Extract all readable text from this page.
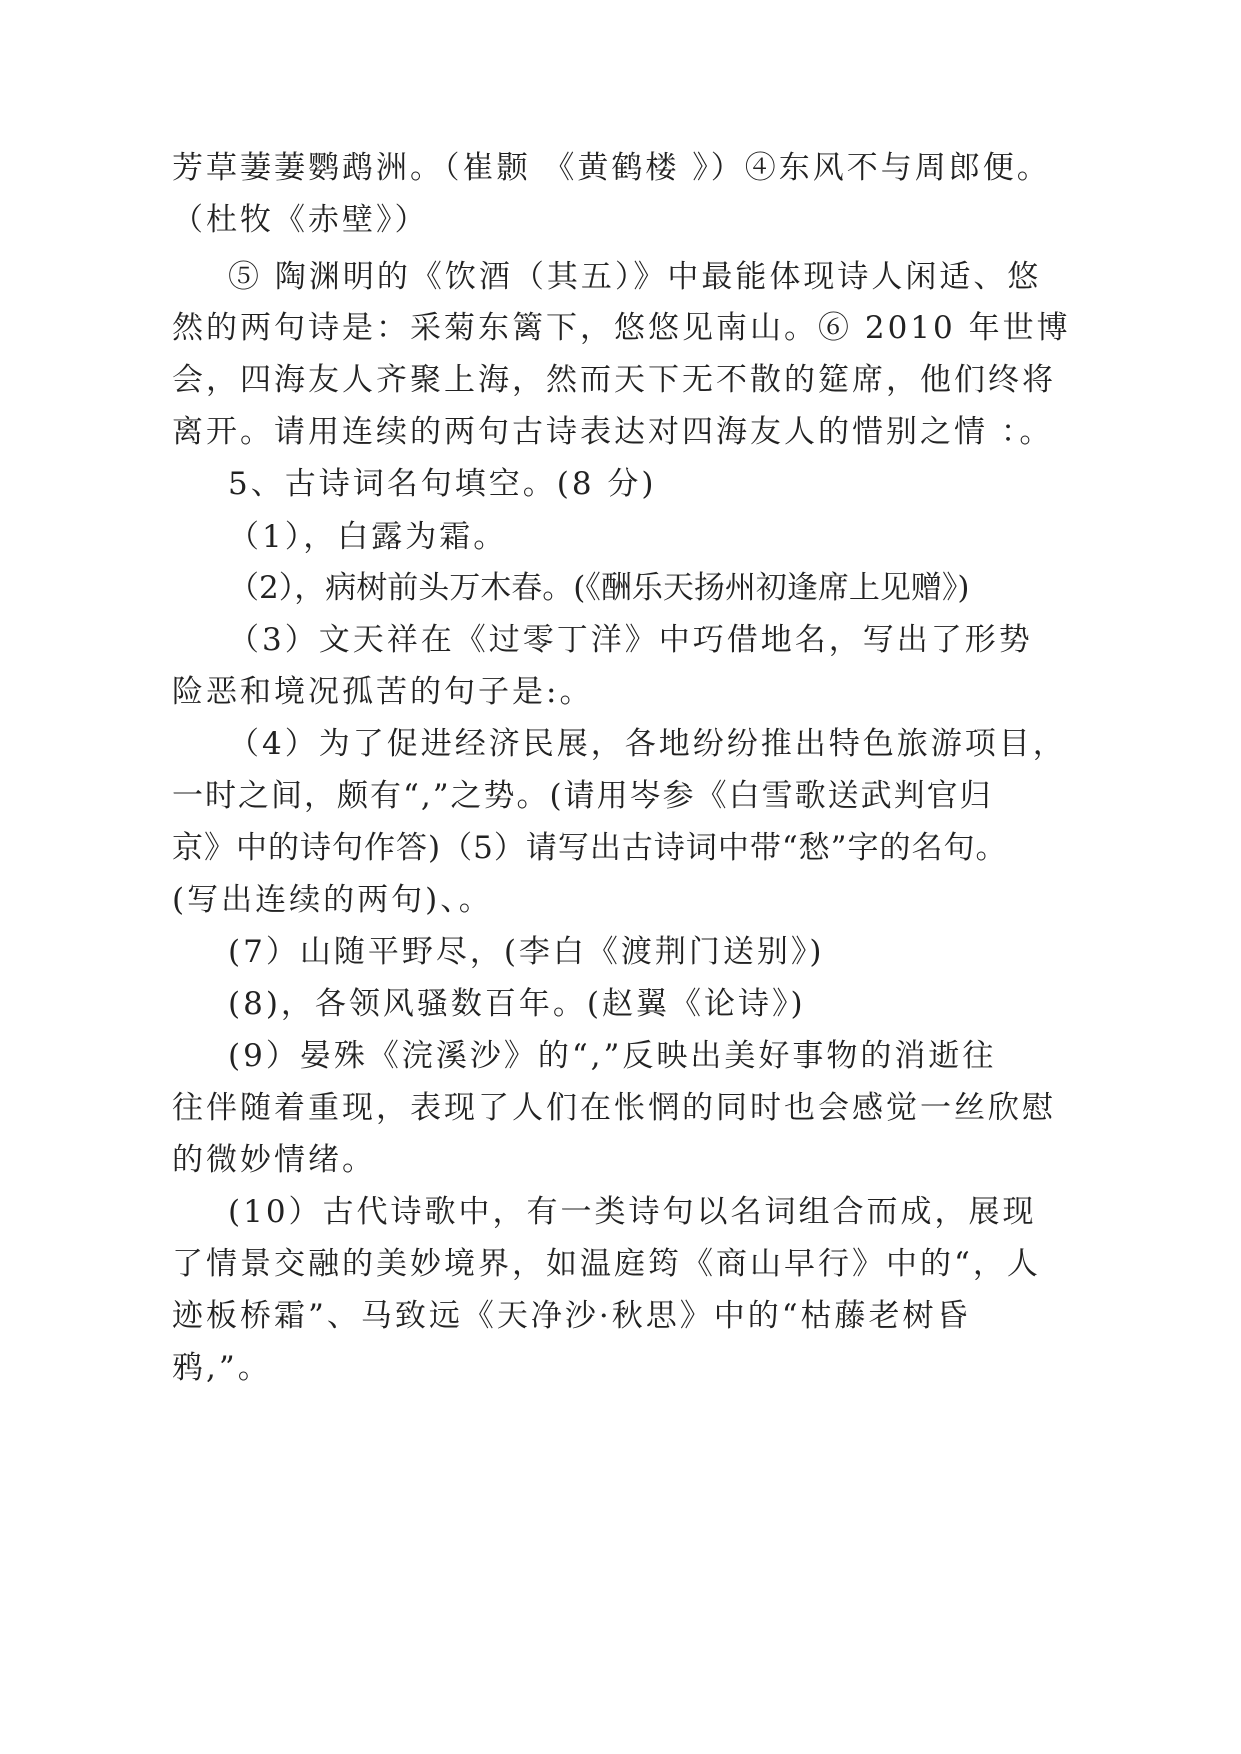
芳草萋萋鹦鹉洲。（崔颢 《黄鹤楼 》）④东风不与周郎便。
（杜牧《赤壁》）
⑤ 陶渊明的《饮酒（其五）》中最能体现诗人闲适、悠
然的两句诗是：采菊东篱下，悠悠见南山。⑥ 2010 年世博
会，四海友人齐聚上海，然而天下无不散的筵席，他们终将
离开。请用连续的两句古诗表达对四海友人的惜别之情 ：。
5、古诗词名句填空。(8 分)
（1），白露为霜。
（2），病树前头万木春。(《酬乐天扬州初逢席上见赠》)
（3）文天祥在《过零丁洋》中巧借地名，写出了形势
险恶和境况孤苦的句子是:。
（4）为了促进经济民展，各地纷纷推出特色旅游项目，
一时之间，颇有“,”之势。(请用岑参《白雪歌送武判官归
京》中的诗句作答)（5）请写出古诗词中带“愁”字的名句。
(写出连续的两句)、。
(7）山随平野尽，(李白《渡荆门送别》)
(8)，各领风骚数百年。(赵翼《论诗》)
(9）晏殊《浣溪沙》的“,”反映出美好事物的消逝往
往伴随着重现，表现了人们在怅惘的同时也会感觉一丝欣慰
的微妙情绪。
(10）古代诗歌中，有一类诗句以名词组合而成，展现
了情景交融的美妙境界，如温庭筠《商山早行》中的“，人
迹板桥霜”、马致远《天净沙·秋思》中的“枯藤老树昏
鸦,”。
